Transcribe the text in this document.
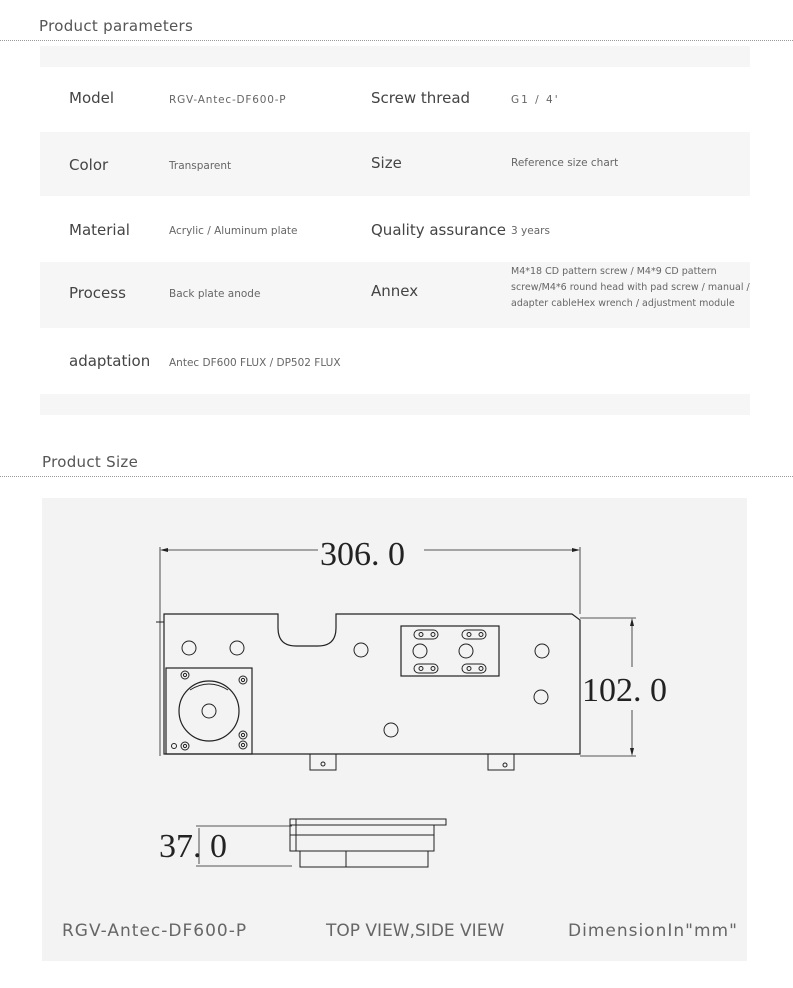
Product parameters
Model	RGV-Antec-DF600-P	Screw thread	G1 / 4'
Color	Transparent	Size	Reference size chart
Material	Acrylic / Aluminum plate	Quality assurance 3 years
Process	Back plate anode	Annex
M4*18 CD pattern screw / M4*9 CD pattern screw/M4*6 round head with pad screw / manual / adapter cableHex wrench / adjustment module
adaptation Antec DF600 FLUX / DP502 FLUX
Product Size
306. 0
102. 0
37. 0
RGV-Antec-DF600-P	TOP VIEW,SIDE VIEW	DimensionIn"mm"
